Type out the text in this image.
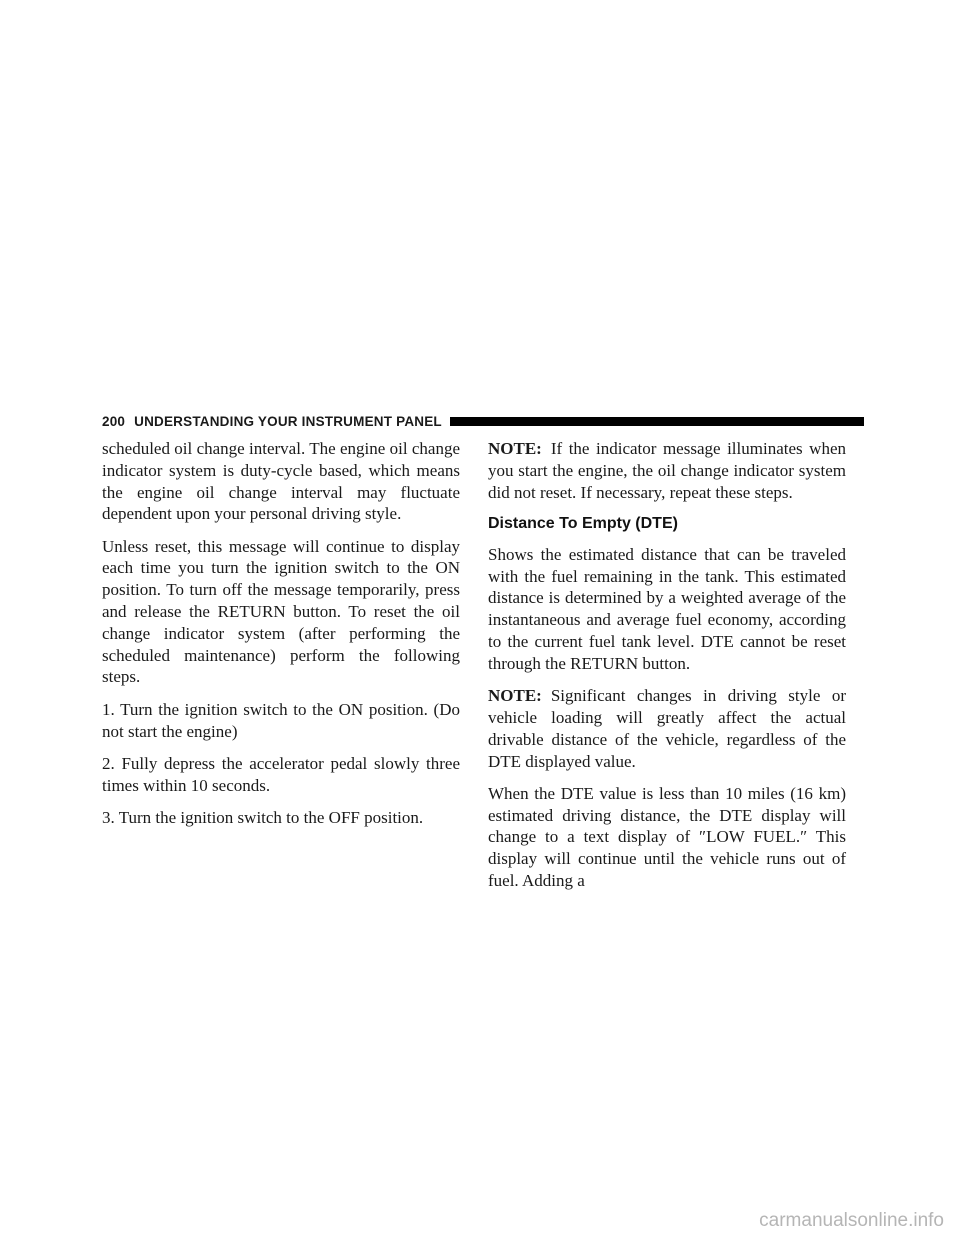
200 UNDERSTANDING YOUR INSTRUMENT PANEL

scheduled oil change interval. The engine oil change indicator system is duty-cycle based, which means the engine oil change interval may fluctuate dependent upon your personal driving style.

Unless reset, this message will continue to display each time you turn the ignition switch to the ON position. To turn off the message temporarily, press and release the RETURN button. To reset the oil change indicator system (after performing the scheduled maintenance) perform the following steps.

1. Turn the ignition switch to the ON position. (Do not start the engine)

2. Fully depress the accelerator pedal slowly three times within 10 seconds.

3. Turn the ignition switch to the OFF position.

NOTE: If the indicator message illuminates when you start the engine, the oil change indicator system did not reset. If necessary, repeat these steps.

Distance To Empty (DTE)

Shows the estimated distance that can be traveled with the fuel remaining in the tank. This estimated distance is determined by a weighted average of the instantaneous and average fuel economy, according to the current fuel tank level. DTE cannot be reset through the RETURN button.

NOTE: Significant changes in driving style or vehicle loading will greatly affect the actual drivable distance of the vehicle, regardless of the DTE displayed value.

When the DTE value is less than 10 miles (16 km) estimated driving distance, the DTE display will change to a text display of ″LOW FUEL.″ This display will continue until the vehicle runs out of fuel. Adding a

carmanualsonline.info
